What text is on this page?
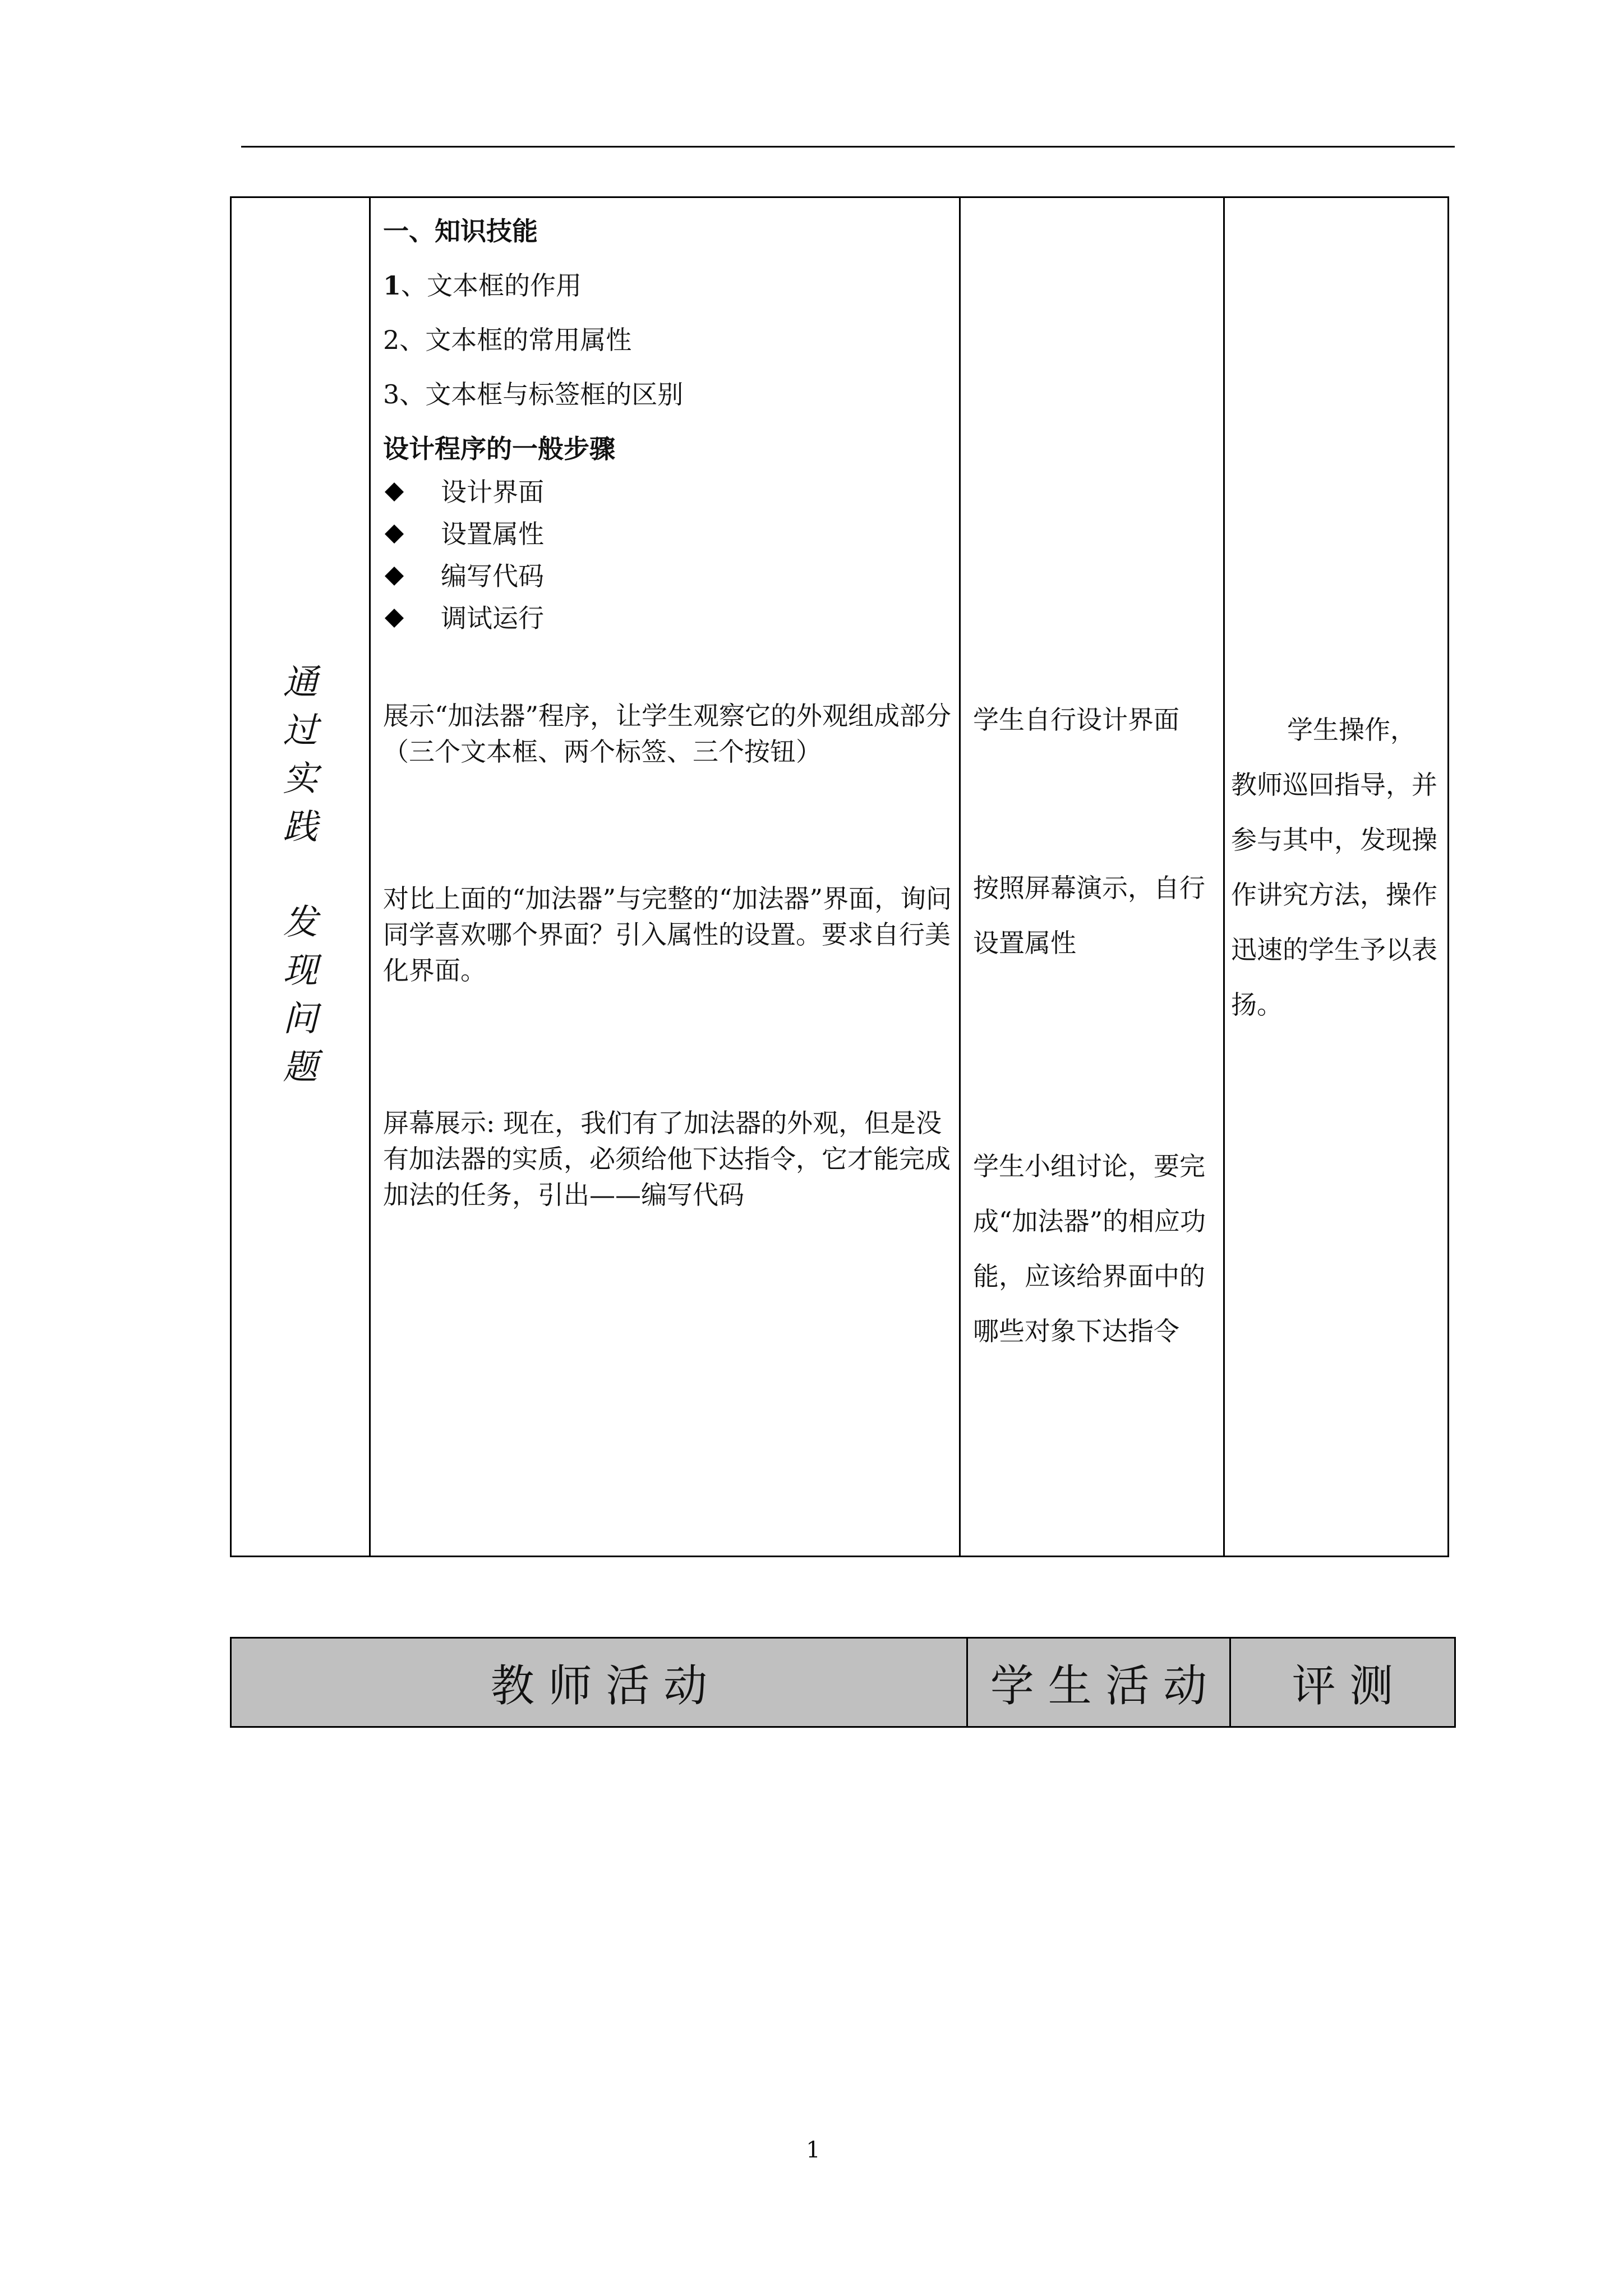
通
过
实
践
发
现
问
题
一、知识技能
1、文本框的作用
2、文本框的常用属性
3、文本框与标签框的区别
设计程序的一般步骤
设计界面
设置属性
编写代码
调试运行
展示“加法器”程序，让学生观察它的外观组成部分（三个文本框、两个标签、三个按钮）
对比上面的“加法器”与完整的“加法器”界面，询问同学喜欢哪个界面？引入属性的设置。要求自行美化界面。
屏幕展示: 现在，我们有了加法器的外观，但是没有加法器的实质，必须给他下达指令，它才能完成加法的任务，引出——编写代码
学生自行设计界面
按照屏幕演示，自行设置属性
学生小组讨论，要完成“加法器”的相应功能，应该给界面中的哪些对象下达指令
学生操作，教师巡回指导，并参与其中，发现操作讲究方法，操作迅速的学生予以表扬。
教 师 活 动	学 生 活 动	评 测
1
